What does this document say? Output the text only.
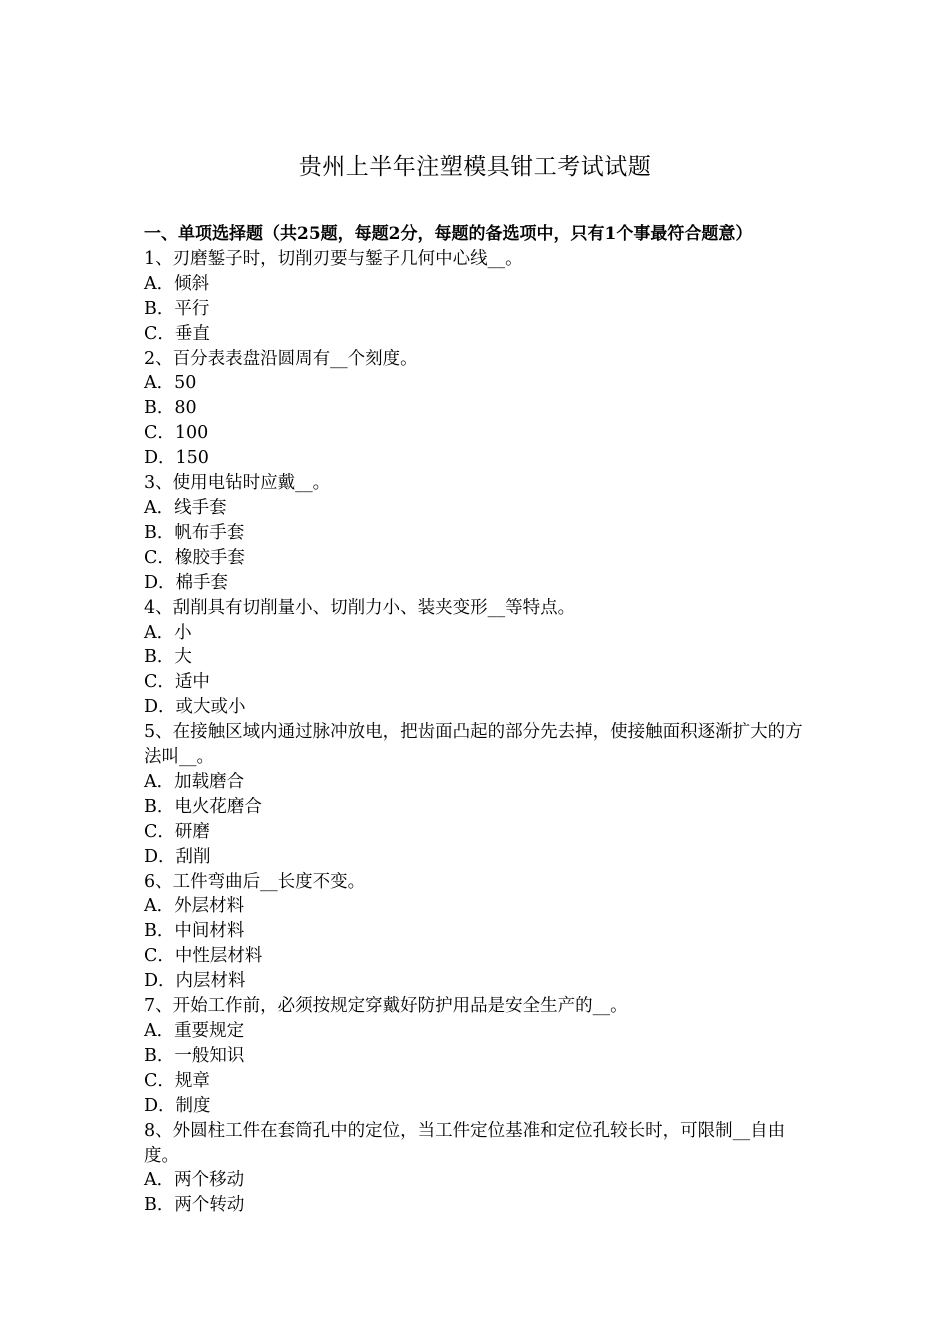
贵州上半年注塑模具钳工考试试题
一、单项选择题（共25题，每题2分，每题的备选项中，只有1个事最符合题意）
1、刃磨錾子时，切削刃要与錾子几何中心线__。
A．倾斜
B．平行
C．垂直
2、百分表表盘沿圆周有__个刻度。
A．50
B．80
C．100
D．150
3、使用电钻时应戴__。
A．线手套
B．帆布手套
C．橡胶手套
D．棉手套
4、刮削具有切削量小、切削力小、装夹变形__等特点。
A．小
B．大
C．适中
D．或大或小
5、在接触区域内通过脉冲放电，把齿面凸起的部分先去掉，使接触面积逐渐扩大的方法叫__。
A．加载磨合
B．电火花磨合
C．研磨
D．刮削
6、工件弯曲后__长度不变。
A．外层材料
B．中间材料
C．中性层材料
D．内层材料
7、开始工作前，必须按规定穿戴好防护用品是安全生产的__。
A．重要规定
B．一般知识
C．规章
D．制度
8、外圆柱工件在套筒孔中的定位，当工件定位基准和定位孔较长时，可限制__自由度。
A．两个移动
B．两个转动
